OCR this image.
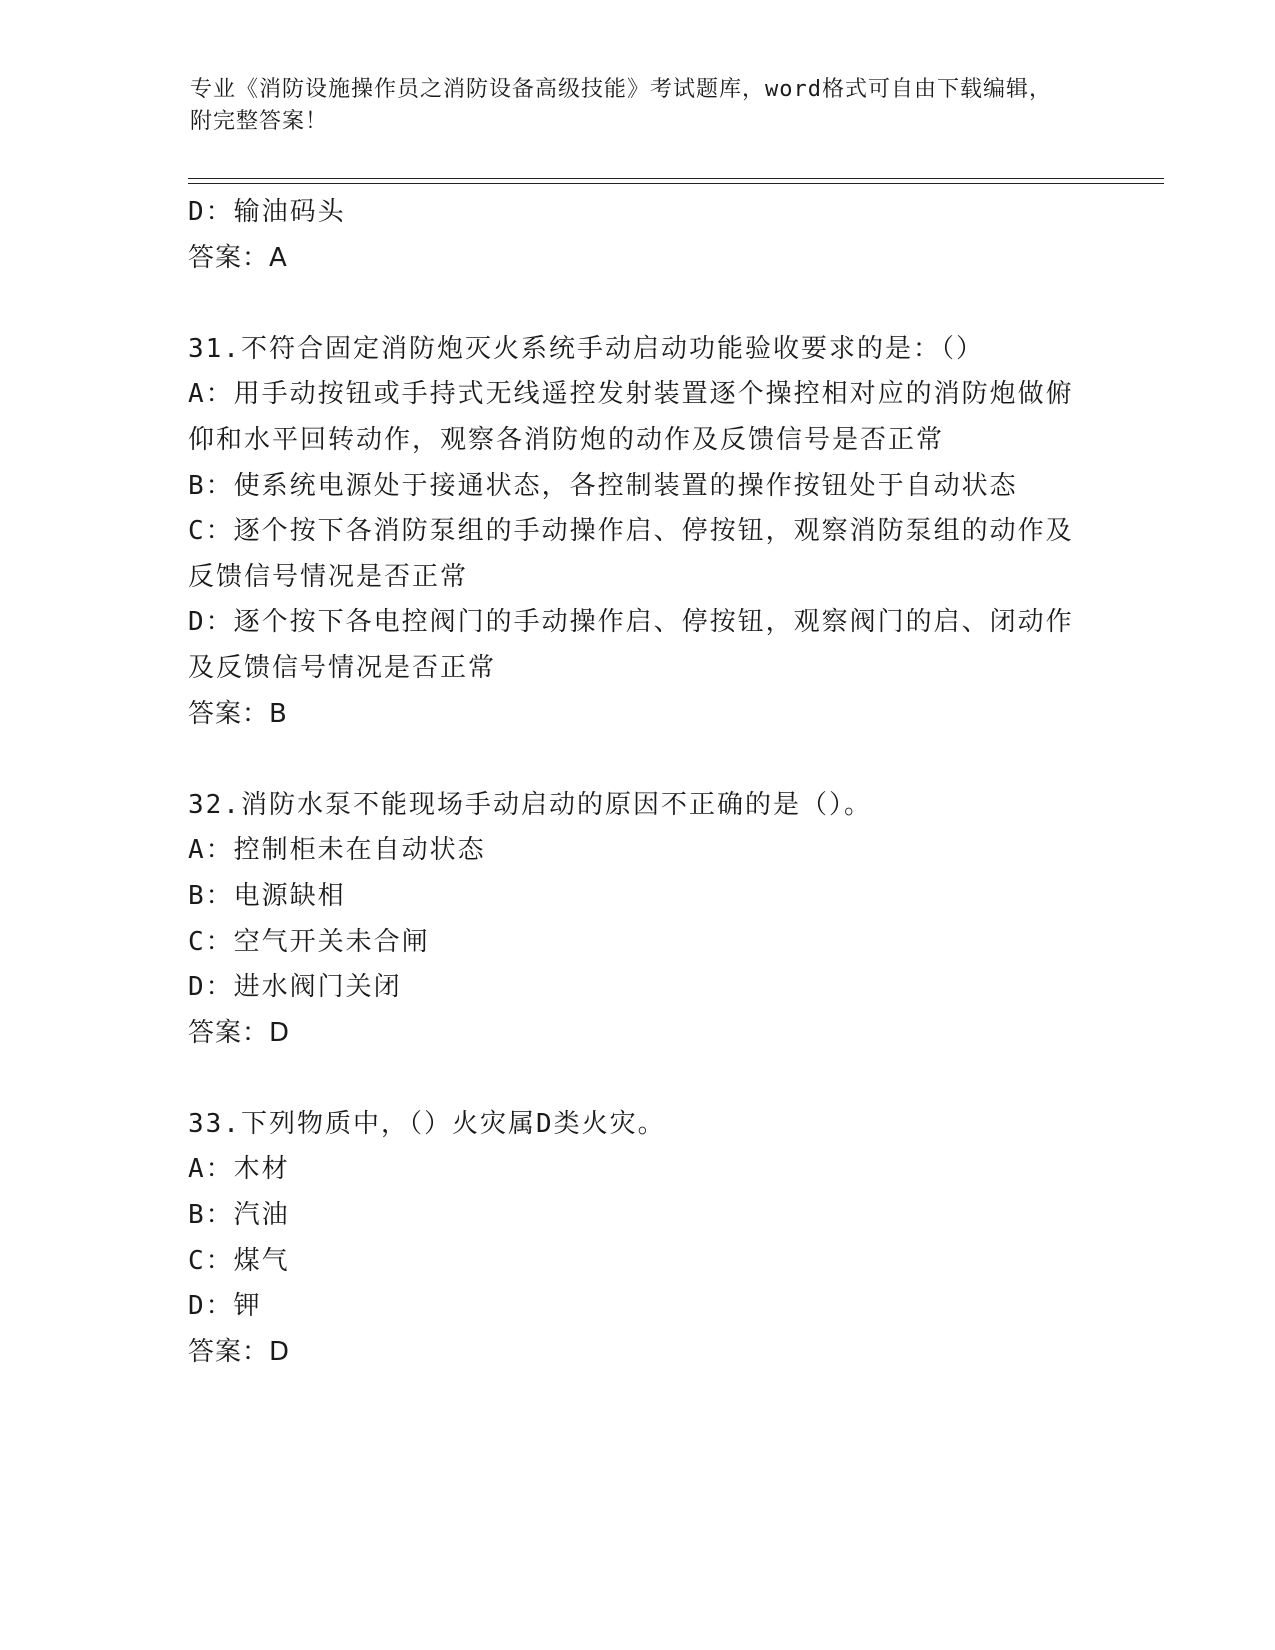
专业《消防设施操作员之消防设备高级技能》考试题库，word格式可自由下载编辑，附完整答案！
D：输油码头
答案：A
31.不符合固定消防炮灭火系统手动启动功能验收要求的是：（）
A：用手动按钮或手持式无线遥控发射装置逐个操控相对应的消防炮做俯仰和水平回转动作，观察各消防炮的动作及反馈信号是否正常
B：使系统电源处于接通状态，各控制装置的操作按钮处于自动状态
C：逐个按下各消防泵组的手动操作启、停按钮，观察消防泵组的动作及反馈信号情况是否正常
D：逐个按下各电控阀门的手动操作启、停按钮，观察阀门的启、闭动作及反馈信号情况是否正常
答案：B
32.消防水泵不能现场手动启动的原因不正确的是（）。
A：控制柜未在自动状态
B：电源缺相
C：空气开关未合闸
D：进水阀门关闭
答案：D
33.下列物质中，（）火灾属D类火灾。
A：木材
B：汽油
C：煤气
D：钾
答案：D
